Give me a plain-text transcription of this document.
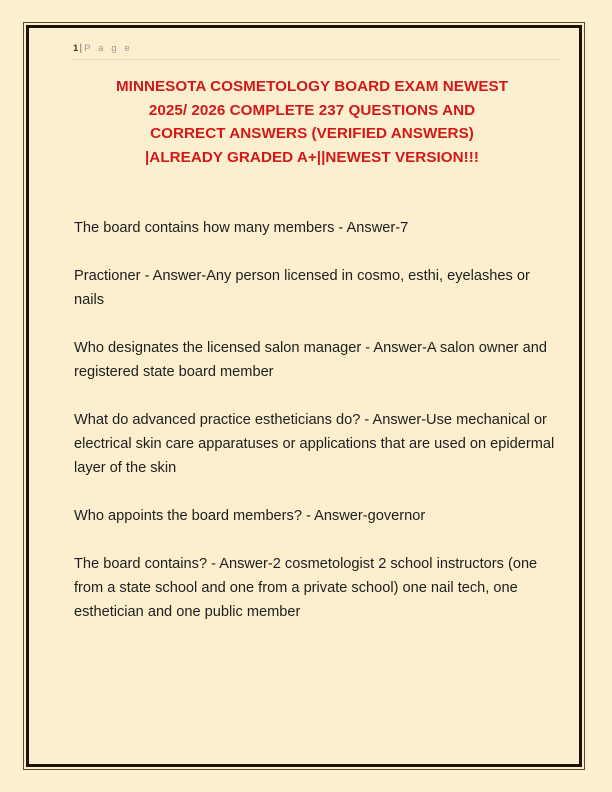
1| P a g e
MINNESOTA COSMETOLOGY BOARD EXAM NEWEST
2025/ 2026 COMPLETE 237 QUESTIONS AND
CORRECT ANSWERS (VERIFIED ANSWERS)
|ALREADY GRADED A+||NEWEST VERSION!!!

The board contains how many members - Answer-7

Practioner - Answer-Any person licensed in cosmo, esthi, eyelashes or nails

Who designates the licensed salon manager - Answer-A salon owner and registered state board member

What do advanced practice estheticians do? - Answer-Use mechanical or electrical skin care apparatuses or applications that are used on epidermal layer of the skin

Who appoints the board members? - Answer-governor

The board contains? - Answer-2 cosmetologist 2 school instructors (one from a state school and one from a private school) one nail tech, one esthetician and one public member
